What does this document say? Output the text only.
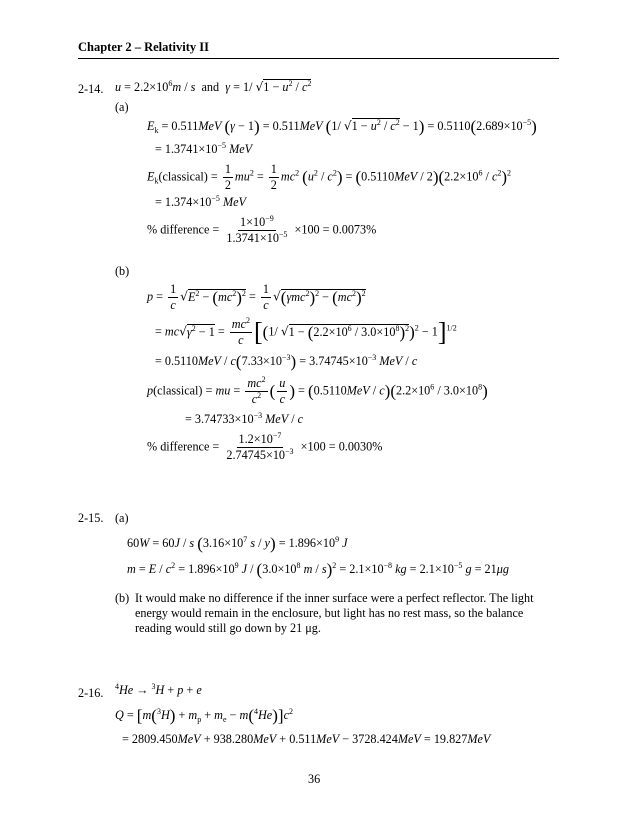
Chapter 2 – Relativity II
2-14. $u = 2.2\times 10^6m / s$  and  γ = 1/ $√1 - u^2 / c^2$
(a)
$E_k = 0.511MeV$ (γ − 1) = 0.511MeV (1/ $√1 - u^2 / c^2 - 1) = 0.5110(2.689\times 10^{-5})$
= $1.3741\times 10^{-5}$ MeV
$E_k(classical) = \frac{1}{2} mu^2 = \frac{1}{2} mc^2$ $(u^2 / c^2) = (0.5110MeV / 2)(2.2\times 10^6 / c^2)^2$
= $1.374\times 10^{-5}$ MeV
% difference = $\frac{1\times 10^{-9}}{1.3741\times 10^{-5}} \times 100 = 0.0073\%$
(b)
$p = \frac{1}{c} √E^2 - (mc^2)^2 = \frac{1}{c} √(\gamma mc^2)^2 - (mc^2)^2$
= $mc√\gamma^2 - 1 = \frac{mc^2}{c} [(1/$ $√1 - (2.2\times 10^6 / 3.0\times 10^8)^2)^2 - 1]^{1/2}$
= $0.5110MeV / c(7.33\times 10^{-3}) = 3.74745\times 10^{-3}$ MeV / c
p(classical) = mu = $\frac{mc^2}{c^2}$ ( $\frac{u}{c}$ ) = $(0.5110MeV / c)(2.2\times 10^6 / 3.0\times 10^8)$
= $3.74733\times 10^{-3}$ MeV / c
% difference = $\frac{1.2\times 10^{-7}}{2.74745\times 10^{-3}} \times 100 = 0.0030\%$
2-15. (a)
60W = 60J / s ($3.16\times 10^7$ $s / y) = 1.896\times 10^9$ J
$m = E / c^2 = 1.896\times 10^9$ $J / (3.0\times 10^8$ $m / s)^2 = 2.1\times 10^{-8}$ kg = $2.1\times 10^{-5}$ g = 21μg
(b) It would make no difference if the inner surface were a perfect reflector. The light
energy would remain in the enclosure, but light has no rest mass, so the balance
reading would still go down by 21 μg.
2-16. $^4$He → $^3$H + p + e
$Q = [m(^3H) + m_p + m_e - m(^4He)]c^2$
= 2809.450MeV + 938.280MeV + 0.511MeV − 3728.424MeV = 19.827MeV
36
